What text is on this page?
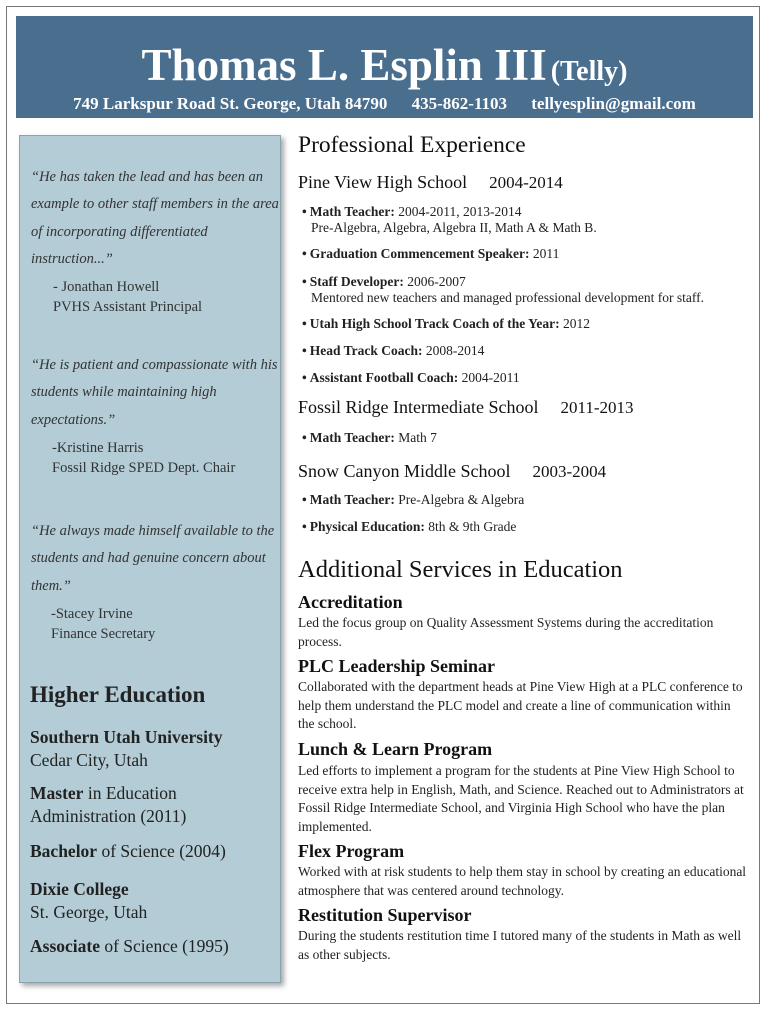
Thomas L. Esplin III (Telly)
749 Larkspur Road St. George, Utah 84790 435-862-1103 tellyesplin@gmail.com
“He has taken the lead and has been an example to other staff members in the area of incorporating differentiated instruction...”
- Jonathan Howell
PVHS Assistant Principal
“He is patient and compassionate with his students while maintaining high expectations.”
-Kristine Harris
Fossil Ridge SPED Dept. Chair
“He always made himself available to the students and had genuine concern about them.”
-Stacey Irvine
Finance Secretary
Higher Education
Southern Utah University
Cedar City, Utah
Master in Education
Administration (2011)
Bachelor of Science (2004)
Dixie College
St. George, Utah
Associate of Science (1995)
Professional Experience
Pine View High School 2004-2014
• Math Teacher: 2004-2011, 2013-2014
Pre-Algebra, Algebra, Algebra II, Math A & Math B.
• Graduation Commencement Speaker: 2011
• Staff Developer: 2006-2007
Mentored new teachers and managed professional development for staff.
• Utah High School Track Coach of the Year: 2012
• Head Track Coach: 2008-2014
• Assistant Football Coach: 2004-2011
Fossil Ridge Intermediate School 2011-2013
• Math Teacher: Math 7
Snow Canyon Middle School 2003-2004
• Math Teacher: Pre-Algebra & Algebra
• Physical Education: 8th & 9th Grade
Additional Services in Education
Accreditation
Led the focus group on Quality Assessment Systems during the accreditation process.
PLC Leadership Seminar
Collaborated with the department heads at Pine View High at a PLC conference to help them understand the PLC model and create a line of communication within the school.
Lunch & Learn Program
Led efforts to implement a program for the students at Pine View High School to receive extra help in English, Math, and Science. Reached out to Administrators at Fossil Ridge Intermediate School, and Virginia High School who have the plan implemented.
Flex Program
Worked with at risk students to help them stay in school by creating an educational atmosphere that was centered around technology.
Restitution Supervisor
During the students restitution time I tutored many of the students in Math as well as other subjects.
